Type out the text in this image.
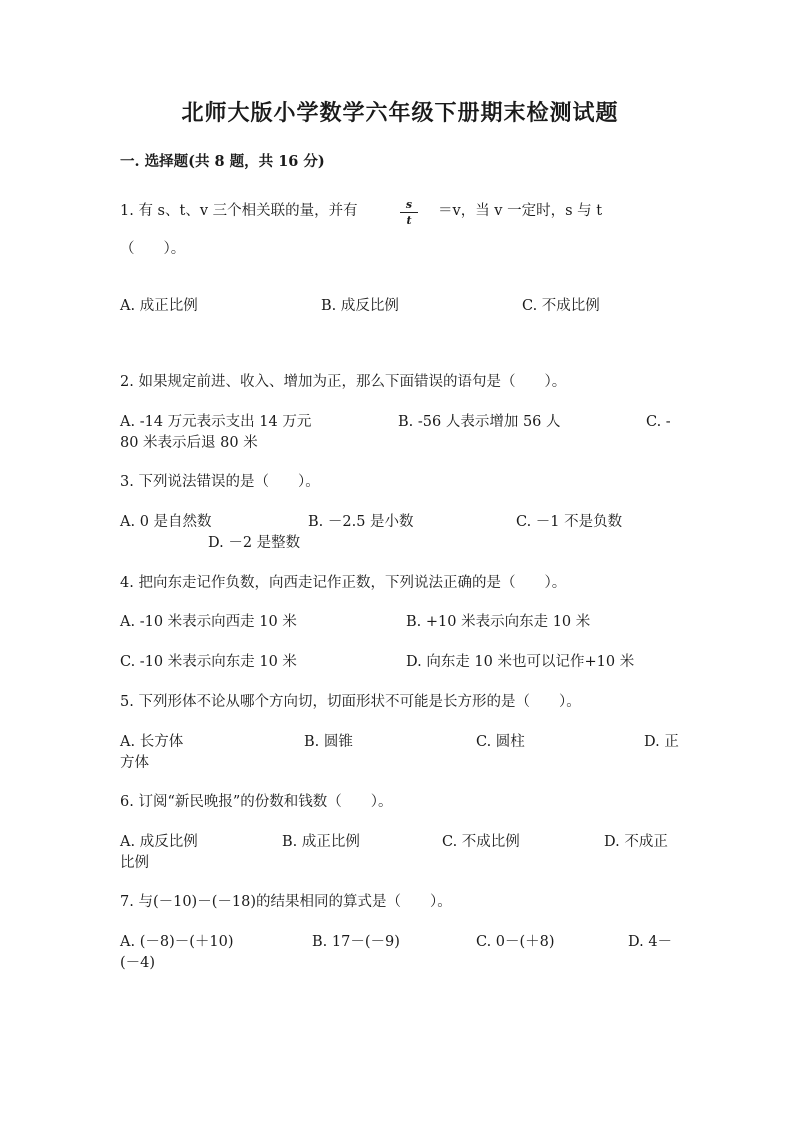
北师大版小学数学六年级下册期末检测试题
一. 选择题(共 8 题，共 16 分)
1. 有 s、t、v 三个相关联的量，并有	s
t
＝v，当 v 一定时，s 与 t
（　　）。
A. 成正比例	B. 成反比例	C. 不成比例
2. 如果规定前进、收入、增加为正，那么下面错误的语句是（　　）。
A. -14 万元表示支出 14 万元	B. -56 人表示增加 56 人	C. -
80 米表示后退 80 米
3. 下列说法错误的是（　　）。
A. 0 是自然数	B. －2.5 是小数	C. －1 不是负数
D. －2 是整数
4. 把向东走记作负数，向西走记作正数，下列说法正确的是（　　）。
A. -10 米表示向西走 10 米	B. +10 米表示向东走 10 米
C. -10 米表示向东走 10 米	D. 向东走 10 米也可以记作+10 米
5. 下列形体不论从哪个方向切，切面形状不可能是长方形的是（　　）。
A. 长方体	B. 圆锥	C. 圆柱	D. 正
方体
6. 订阅“新民晚报”的份数和钱数（　　）。
A. 成反比例	B. 成正比例	C. 不成比例	D. 不成正
比例
7. 与(－10)－(－18)的结果相同的算式是（　　）。
A. (－8)－(＋10)	B. 17－(－9)	C. 0－(＋8)	D. 4－
(－4)
